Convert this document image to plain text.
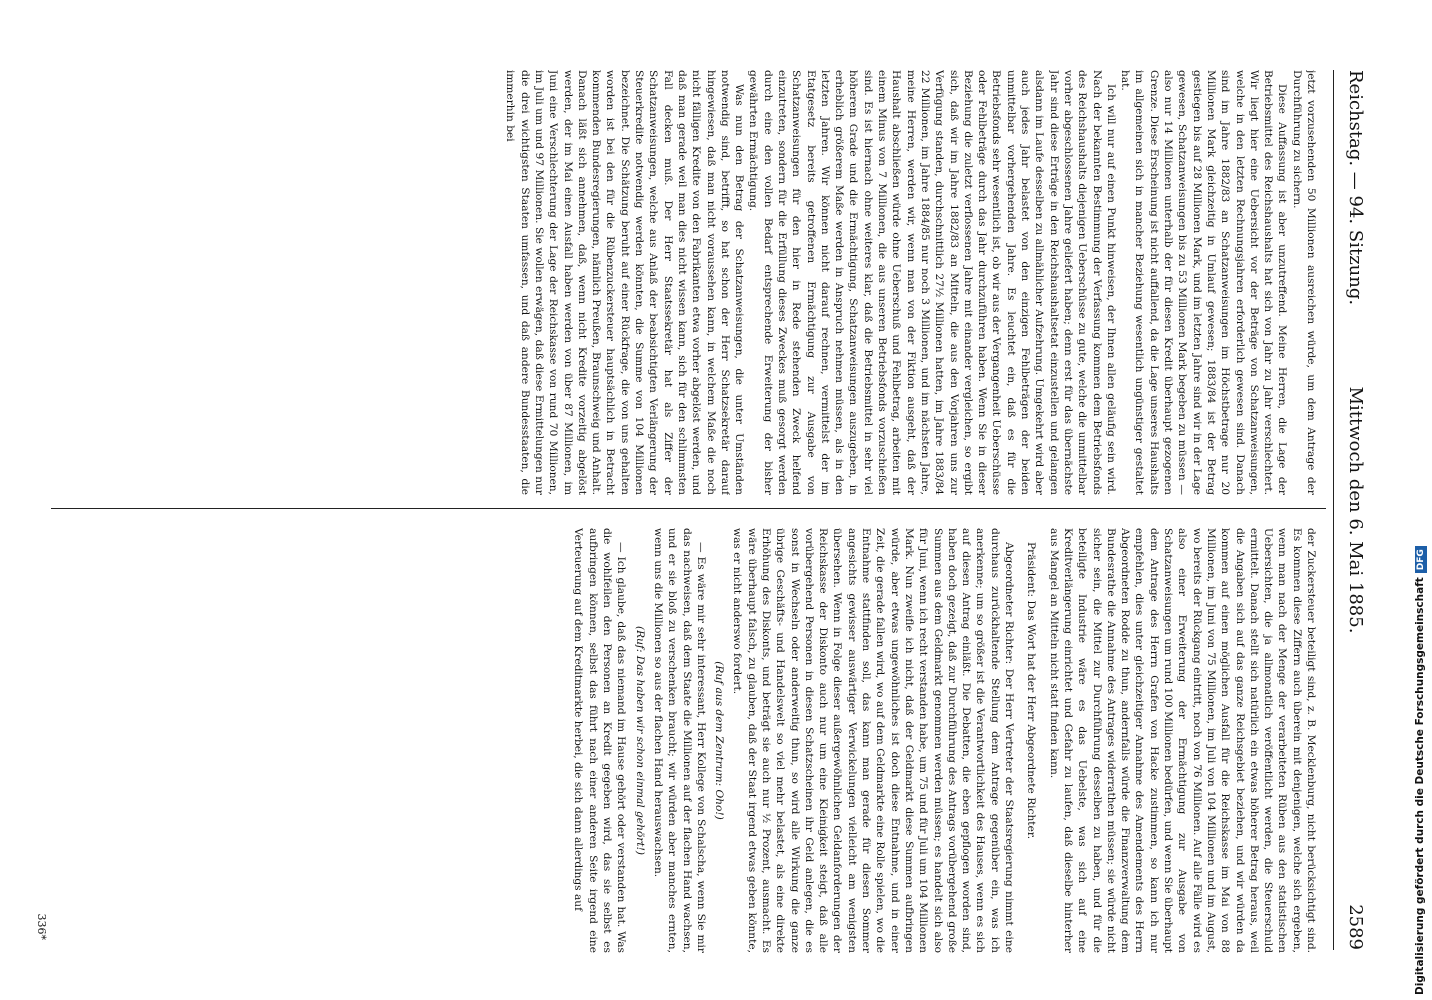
Reichstag. — 94. Sitzung.
Mittwoch den 6. Mai 1885.
2589

jetzt vorzusehenden 50 Millionen ausreichen würde, um dem Antrage der Durchführung zu sichern.

Diese Auffassung ist aber unzutreffend. Meine Herren, die Lage der Betriebsmittel des Reichshaushalts hat sich von Jahr zu Jahr verschlechtert. Wir liegt hier eine Uebersicht vor der Beträge von Schatzanweisungen, welche in den letzten Rechnungsjahren erforderlich gewesen sind. Danach sind im Jahre 1882/83 an Schatzanweisungen im Höchstbetrage nur 20 Millionen Mark gleichzeitig in Umlauf gewesen; 1883/84 ist der Betrag gestiegen bis auf 28 Millionen Mark, und im letzten Jahre sind wir in der Lage gewesen, Schatzanweisungen bis zu 53 Millionen Mark begeben zu müssen — also nur 14 Millionen unterhalb der für diesen Kredit überhaupt gezogenen Grenze. Diese Erscheinung ist nicht auffallend, da die Lage unseres Haushalts im allgemeinen sich in mancher Beziehung wesentlich ungünstiger gestaltet hat.

Ich will nur auf einen Punkt hinweisen, der Ihnen allen geläufig sein wird. Nach der bekannten Bestimmung der Verfassung kommen dem Betriebsfonds des Reichshaushalts diejenigen Ueberschüsse zu gute, welche die unmittelbar vorher abgeschlossenen Jahre geliefert haben; denn erst für das übernächste Jahr sind diese Erträge in den Reichshaushaltsetat einzustellen und gelangen alsdann im Laufe desselben zu allmählicher Aufzehrung. Umgekehrt wird aber auch jedes Jahr belastet von den einzigen Fehlbeträgen der beiden unmittelbar vorhergehenden Jahre. Es leuchtet ein, daß es für die Betriebsfonds sehr wesentlich ist, ob wir aus der Vergangenheit Ueberschüsse oder Fehlbeträge durch das Jahr durchzuführen haben. Wenn Sie in dieser Beziehung die zuletzt verflossenen Jahre mit einander vergleichen, so ergibt sich, daß wir im Jahre 1882/83 an Mitteln, die aus den Vorjahren uns zur Verfügung standen, durchschnittlich 27½ Millionen hatten, im Jahre 1883/84 22 Millionen, im Jahre 1884/85 nur noch 3 Millionen, und im nächsten Jahre, meine Herren, werden wir, wenn man von der Fiktion ausgeht, daß der Haushalt abschließen würde ohne Ueberschuß und Fehlbetrag, arbeiten mit einem Minus von 7 Millionen, die aus unseren Betriebsfonds vorzuschießen sind. Es ist hiernach ohne weiteres klar, daß die Betriebsmittel in sehr viel höherem Grade und die Ermächtigung, Schatzanweisungen auszugeben, in erheblich größerem Maße werden in Anspruch nehmen müssen, als in den letzten Jahren. Wir können nicht darauf rechnen, vermittelst der im Etatgesetz bereits getroffenen Ermächtigung zur Ausgabe von Schatzanweisungen für den hier in Rede stehenden Zweck helfend einzutreten, sondern für die Erfüllung dieses Zweckes muß gesorgt werden durch eine den vollen Bedarf entsprechende Erweiterung der bisher gewährten Ermächtigung.

Was nun den Betrag der Schatzanweisungen, die unter Umständen notwendig sind, betrifft, so hat schon der Herr Schatzsekretär darauf hingewiesen, daß man nicht voraussehen kann, in welchem Maße die noch nicht fälligen Kredite von den Fabrikanten etwa vorher abgelöst werden, und daß man gerade weil man dies nicht wissen kann, sich für den schlimmsten Fall decken muß. Der Herr Staatssekretär hat als Ziffer der Schatzanweisungen, welche aus Anlaß der beabsichtigten Verlängerung der Steuerkredite notwendig werden könnten, die Summe von 104 Millionen bezeichnet. Die Schätzung beruht auf einer Rückfrage, die von uns gehalten worden ist bei den für die Rübenzuckersteuer hauptsächlich in Betracht kommenden Bundesregierungen, nämlich Preußen, Braunschweig und Anhalt. Danach läßt sich annehmen, daß, wenn nicht Kredite vorzeitig abgelöst werden, der im Mai einen Ausfall haben werden von über 87 Millionen, im Juni eine Verschlechterung der Lage der Reichskasse von rund 70 Millionen, im Juli um und 97 Millionen. Sie wollen erwägen, daß diese Ermittelungen nur die drei wichtigsten Staaten umfassen, und daß andere Bundesstaaten, die immerhin bei

der Zuckersteuer beteiligt sind, z. B. Mecklenburg, nicht berücksichtigt sind. Es kommen diese Ziffern auch überein mit denjenigen, welche sich ergeben, wenn man nach der Menge der verarbeiteten Rüben aus den statistischen Uebersichten, die ja allmonatlich veröffentlicht werden, die Steuerschuld ermittelt. Danach stellt sich natürlich ein etwas höherer Betrag heraus, weil die Angaben sich auf das ganze Reichsgebiet beziehen, und wir würden da kommen auf einen möglichen Ausfall für die Reichskasse im Mai von 88 Millionen, im Juni von 75 Millionen, im Juli von 104 Millionen und im August, wo bereits der Rückgang eintritt, noch von 76 Millionen. Auf alle Fälle wird es also einer Erweiterung der Ermächtigung zur Ausgabe von Schatzanweisungen um rund 100 Millionen bedürfen, und wenn Sie überhaupt dem Antrage des Herrn Grafen von Hacke zustimmen, so kann ich nur empfehlen, dies unter gleichzeitiger Annahme des Amendements des Herrn Abgeordneten Rodde zu thun, andernfalls würde die Finanzverwaltung dem Bundesrathe die Annahme des Antrages widerrathen müssen; sie würde nicht sicher sein, die Mittel zur Durchführung desselben zu haben, und für die beteiligte Industrie wäre es das Uebelste, was sich auf eine Kreditverlängerung einrichtet und Gefahr zu laufen, daß dieselbe hinterher aus Mangel an Mitteln nicht statt finden kann.

Präsident: Das Wort hat der Herr Abgeordnete Richter.

Abgeordneter Richter: Der Herr Vertreter der Staatsregierung nimmt eine durchaus zurückhaltende Stellung dem Antrage gegenüber ein, was ich anerkenne; um so größer ist die Verantwortlichkeit des Hauses, wenn es sich auf diesen Antrag einläßt. Die Debatten, die eben gepflogen worden sind, haben doch gezeigt, daß zur Durchführung des Antrags vorübergehend große Summen aus dem Geldmarkt genommen werden müssen; es handelt sich also für Juni, wenn ich recht verstanden habe, um 75 und für Juli um 104 Millionen Mark. Nun zweifle ich nicht, daß der Geldmarkt diese Summen aufbringen würde, aber etwas ungewöhnliches ist doch diese Entnahme, und in einer Zeit, die gerade fallen wird, wo auf dem Geldmarkte eine Rolle spielen, wo die Entnahme stattfinden soll, das kann man gerade für diesen Sommer angesichts gewisser auswärtiger Verwickelungen vielleicht am wenigsten übersehen. Wenn in Folge dieser außergewöhnlichen Geldanforderungen der Reichskasse der Diskonto auch nur um eine Kleinigkeit steigt, daß alle vorübergehend Personen in diesen Schatzscheinen ihr Geld anlegen, die es sonst in Wechseln oder anderweitig thun, so wird alle Wirkung die ganze übrige Geschäfts- und Handelswelt so viel mehr belastet, als eine direkte Erhöhung des Diskonts, und beträgt sie auch nur ½ Prozent, ausmacht. Es wäre überhaupt falsch, zu glauben, daß der Staat irgend etwas geben könnte, was er nicht anderswo fordert.

(Ruf aus dem Zentrum: Oho!)

— Es wäre mir sehr interessant, Herr Kollege von Schalscha, wenn Sie mir das nachweisen, daß dem Staate die Millionen auf der flachen Hand wachsen, und er sie bloß zu verschenken braucht; wir würden aber manches ernten, wenn uns die Millionen so aus der flachen Hand herauswachsen.

(Ruf: Das haben wir schon einmal gehört!)

— Ich glaube, daß das niemand im Hause gehört oder verstanden hat. Was die wohlfeilen den Personen an Kredit gegeben wird, das sie selbst es aufbringen können, selbst das führt nach einer anderen Seite irgend eine Verteuerung auf dem Kreditmarkte herbei, die sich dann allerdings auf

336*	Digitalisierung gefördert durch die Deutsche ForschungsgemeinschaftDFG
